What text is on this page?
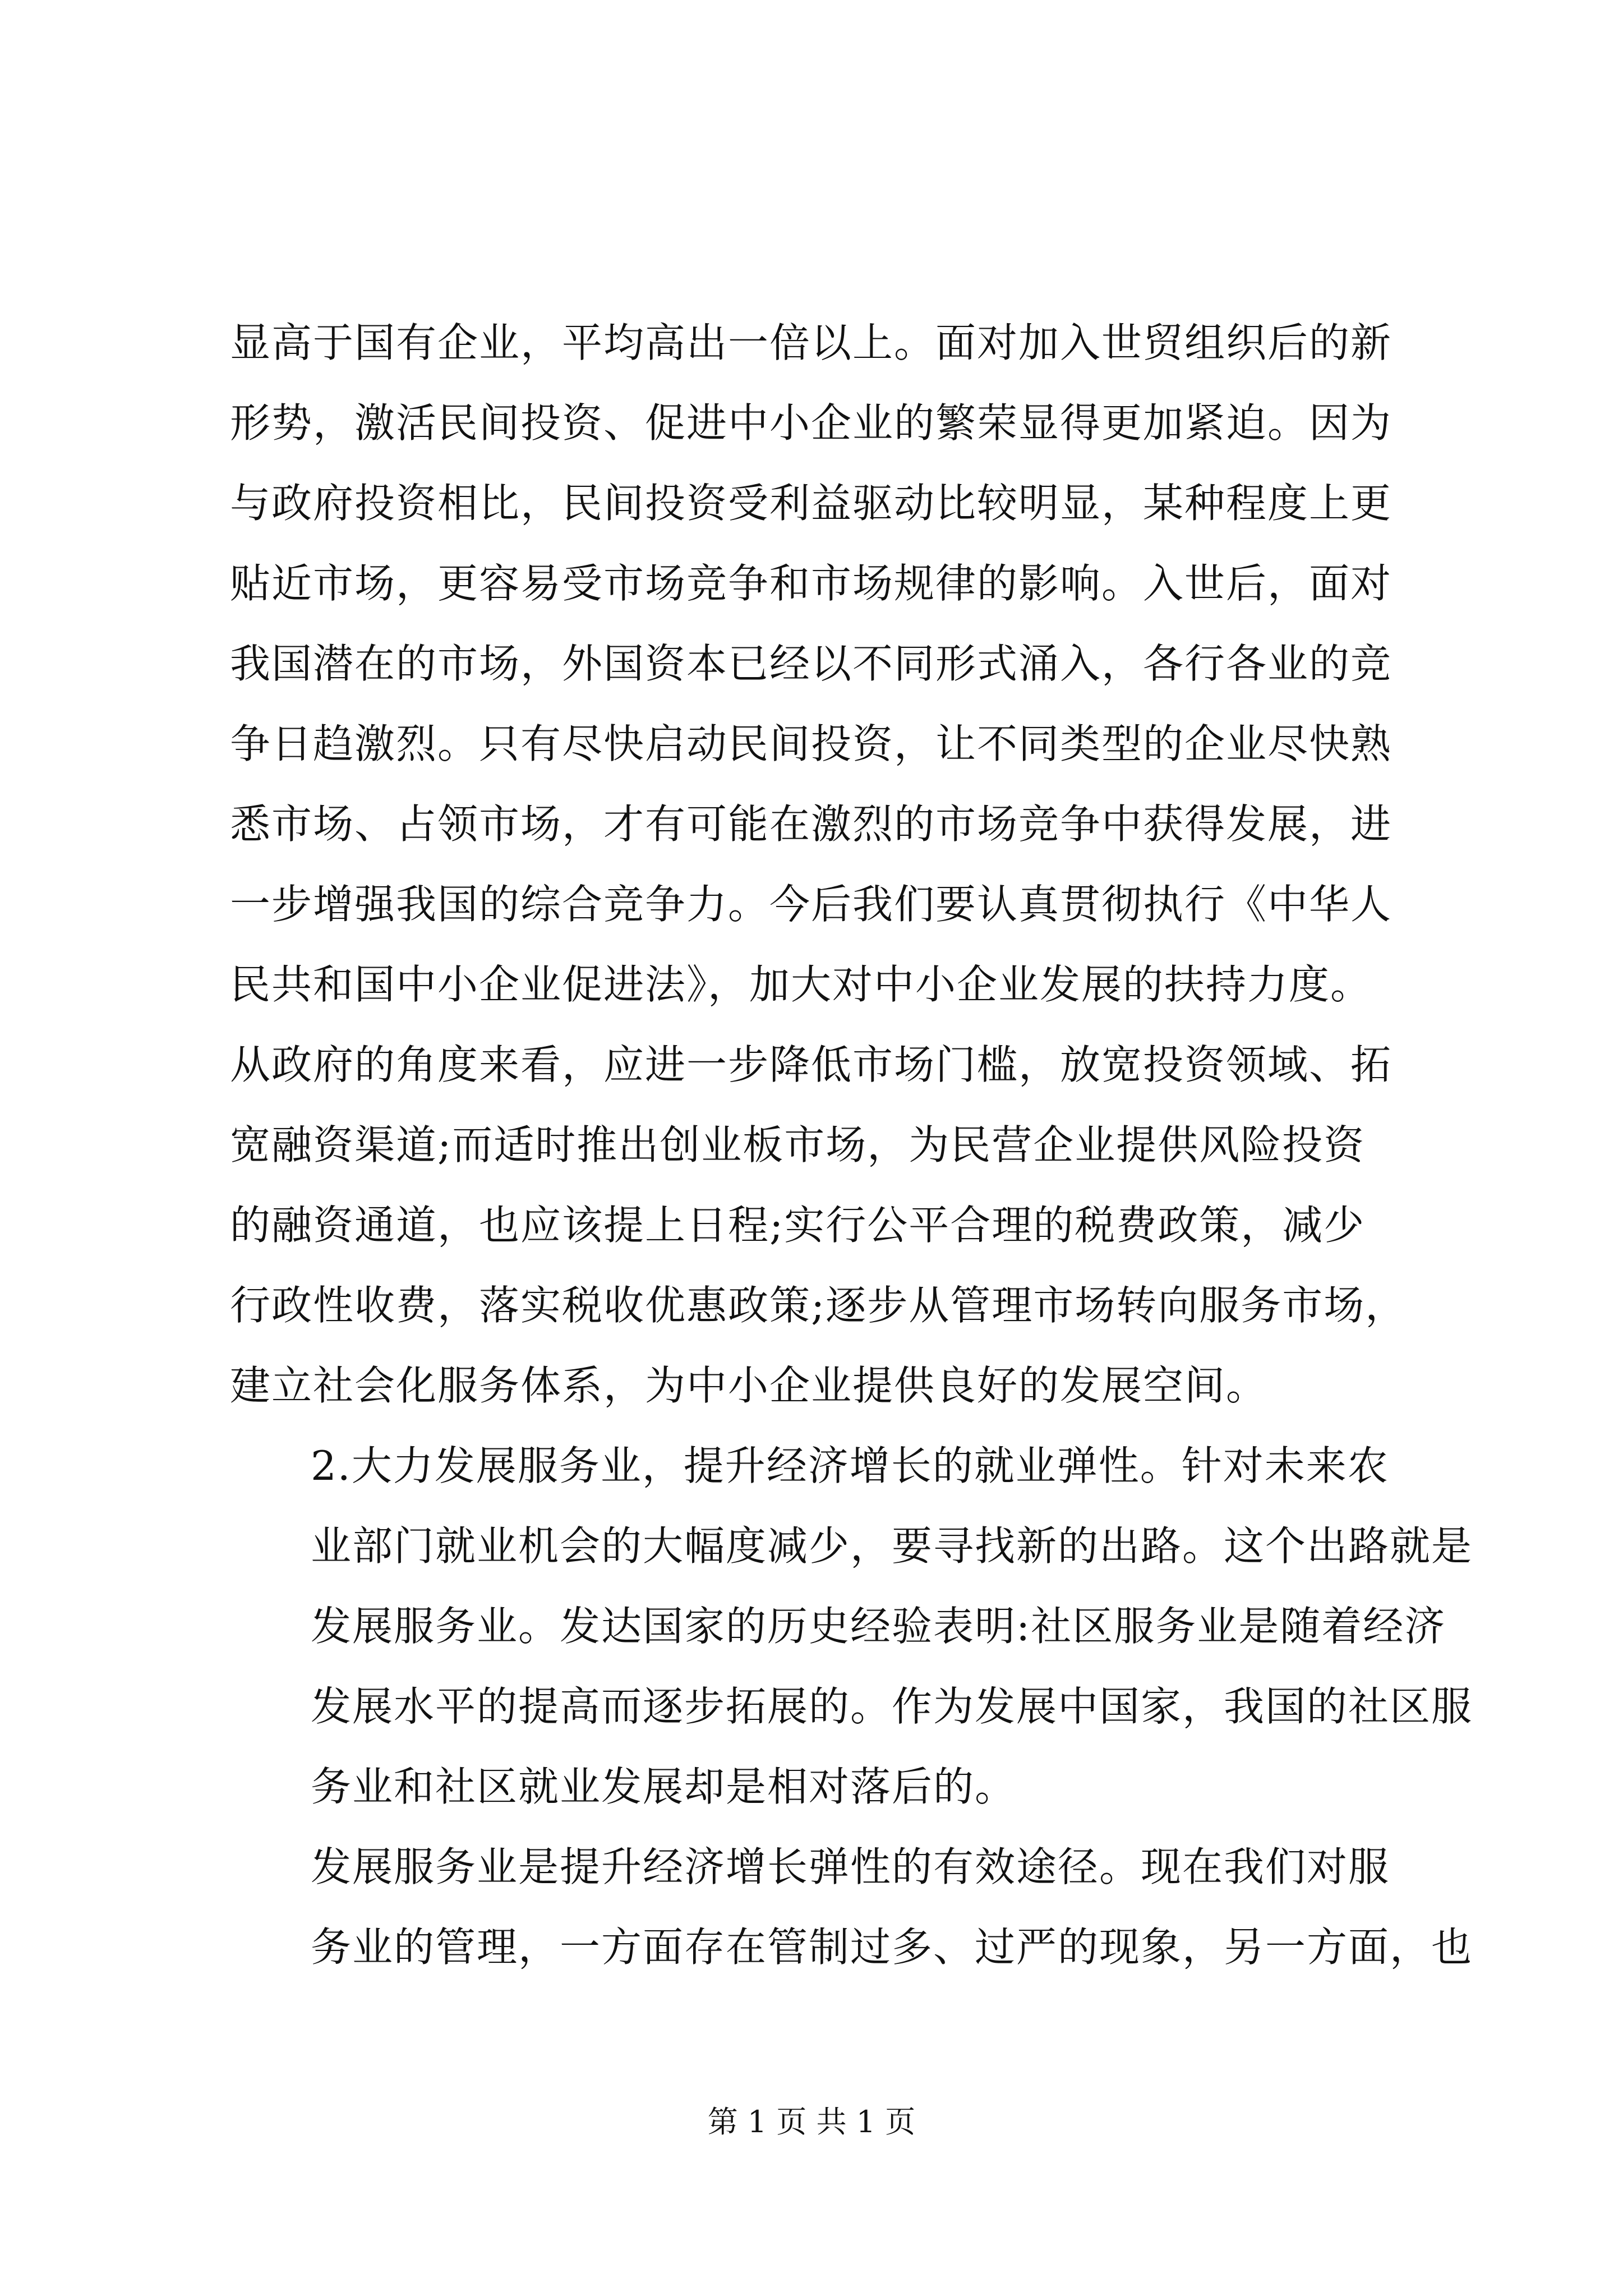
显高于国有企业，平均高出一倍以上。面对加入世贸组织后的新
形势，激活民间投资、促进中小企业的繁荣显得更加紧迫。因为
与政府投资相比，民间投资受利益驱动比较明显，某种程度上更
贴近市场，更容易受市场竞争和市场规律的影响。入世后，面对
我国潜在的市场，外国资本已经以不同形式涌入，各行各业的竞
争日趋激烈。只有尽快启动民间投资，让不同类型的企业尽快熟
悉市场、占领市场，才有可能在激烈的市场竞争中获得发展，进
一步增强我国的综合竞争力。今后我们要认真贯彻执行《中华人
民共和国中小企业促进法》，加大对中小企业发展的扶持力度。
从政府的角度来看，应进一步降低市场门槛，放宽投资领域、拓
宽融资渠道;而适时推出创业板市场，为民营企业提供风险投资
的融资通道，也应该提上日程;实行公平合理的税费政策，减少
行政性收费，落实税收优惠政策;逐步从管理市场转向服务市场，
建立社会化服务体系，为中小企业提供良好的发展空间。

2.大力发展服务业，提升经济增长的就业弹性。针对未来农
业部门就业机会的大幅度减少，要寻找新的出路。这个出路就是
发展服务业。发达国家的历史经验表明:社区服务业是随着经济
发展水平的提高而逐步拓展的。作为发展中国家，我国的社区服
务业和社区就业发展却是相对落后的。

发展服务业是提升经济增长弹性的有效途径。现在我们对服
务业的管理，一方面存在管制过多、过严的现象，另一方面，也

第 1 页 共 1 页
